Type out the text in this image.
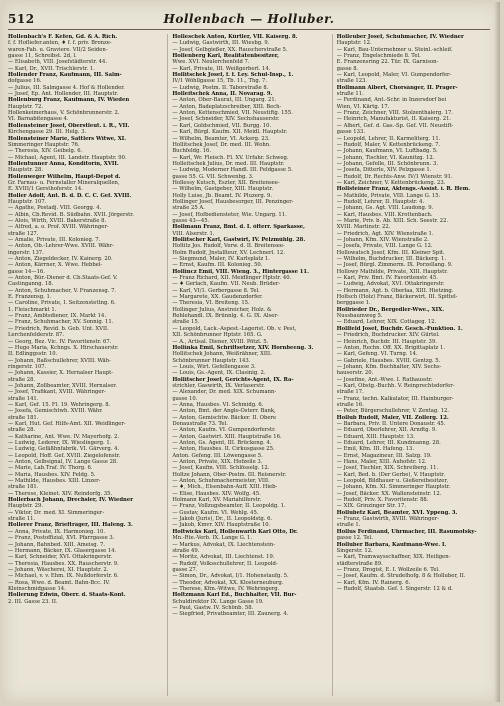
512	Hollenbach — Holluber.
Hollenbach's F. Kefen, Gd. & A. Rich.
f. f. Hofliefer.anten, ♦ f. f. priv. Bronze-
waren-Fab. u. Graviere. VII/2 Seiden-
gasse 11, Schreibst. 2d, l.
— Elisabeth, VIII. Josefstädterstr. 44.
— Karl, Dr., XVII. Trischlerstr. 1.
Hollender Franz, Kaufmann, III. Salm-
dofgasse 16.
— Julius, III. Salmgasse 4. Hof & Hollender.
— Josef, Ep. Ant. Hollender, III. Hauptstr.
Hollenburg Franz, Kaufmann, IV. Wieden
Hauptstr. 72.
Hollenkeimerhaus, V. Schönbrunnerstr. 2.
VI. Barnabitengasse 4.
Hollensteiner Josef, Oberstleut. i. R., VII.
Kirchengasse 29. III. Helg. 3.
Hollensteiner Marie, Sattlers Witwe, XI.
Simmeringer Hauptstr. 76.
— Theresia, XIV. Geibelg. 6.
— Michael, Agent, III. Landstr. Hauptstr. 90.
Hollentunner Anna, Konditorin, XVII.
Hauptstr. 28.
Hollenweger Wilhelm, Haupt-Depot d.
Gr. Farnau- u. Fernstaller Mineralquellen,
E. XVIII/1 Gersthoferstr. 14.
Holler Adolf, Ant. B. d. D. C. C. Gef. XVIII.
Hauptstr. 107.
— Agathe, Postadj. VIII. Georgg. 4.
— Albin, Cb.Revid. B. Südbahn. XVII. Jörgerstr.
— Alois, Wirth, XVIII. Bakerstraße 8.
— Alfred, a. o. Prof. XVIII. Währinger-
straße 127.
— Amalie, Private, III. Kolonieg. 7.
— Anton, Ob.-Lehrer-Wwe. XVIII. Währ-
ingerstr. 137.
— Anton, Ziegeldecker, IV. Kainerg. 20.
— Anton, Kärrner, X. Wwe. Hebbel-
gasse 14—16.
— Anton, Bür.-Diener d. Cb.Staats-Gef. V.
Castinganng. 18.
— Anton, Schuhmacher, V. Franzensg. 7.
E. Franzensg. 1.
— Caroline, Private, I. Seitzenstettng. 6.
1. Fleischmarkt 1.
— Franz, Ambtsdiener, IX. Markt 14.
— Franz, Schuhmacher, XV. Sonnig. 11.
— Friedrich, Revid. b. Geb. Unt. XVII.
Lerchenfelderstr. 87.
— Georg, Bez. Vic. IV. Favoritenstr. 67.
— Hugo Maria, Kchngs. X. Hirschauerstr.
II. Edlinggsstr. 10.
— Johann, Baßschullehrer, XVIII. Wäh-
ringerstr. 107.
— Johann, Kassier, X. Hernalser Haupt-
straße 28.
— Johann, Zollbeamter, XVIII. Hernalser.
— Josef, Trafikant, XVIII. Währinger-
straße 141.
— Karl, Gef. 15. Fl. 19. Wehringerg. 8.
— Josefa, Gemischtwh. XVIII. Währ.
straße 181.
— Karl, Hut. Gef. Hilfs-Amt. XII. Weidlinger-
straße 28.
— Katharine, Ant. Wwe. IV. Mayerhofg. 2.
— Ludwig, Lederer, IX. Wieslingerg. 1.
— Ludwig, Gefäßhnfabrik. VI. Gärverg. 4.
— Leopold, Hoff. Gef. XVIII. Ziegelofenstr.
— Anton, Gelbsignal, IV. Lange Gasse 28.
— Marie, Lab.Traf. IV. Thorg. 6.
— Maria, Hausbes. XIV. Feldg. 5.
— Mathilde, Hausbes. XIII. Linzer-
straße 181.
— Therese, Kleinet. XIV. Reindorfg. 35.
Hollerbach Johann, Drechsler, IV. Wiedner
Hauptstr. 29.
— Viktor, Dr. med. XI. Simmeringer-
straße 11.
Hollerer Franz, Briefträger, III. Hafeng. 3.
— Anna, Private, IX. Harmonieg. 10.
— Franz, Postoffizial, XVI. Pfarrgasse 3.
— Johann, Bahnbed. XIII. Ameisg. 7.
— Hermann, Bäcker, IX. Glasergasse 14.
— Karl, Schneider, XVI. Ottakringerstr.
— Theresia, Hausbes. XX. Rauscherstr. 9.
— Johann, Wäscherei, XI. Hauptstr. 2.
— Michael, v. v. Ehm. IX. Nußdorferstr. 6.
— Rosa, Wwe. d. Beamt. Bahn-Bcc. IV.
Kleinschmidgasse 14.
Hollerung Edwin, Oberr. d. Staats-Kont.
2. III. Gasse 23. II.
Holleschek Anton, Kürtler, VII. Kaiserg. 8.
— Ludwig, Gastwirth, III. Wiesbg. 9.
— Josef, Gelbgießer, XX. Rauscherstraße 5.
Hollenberg Karl, Realitätenbesitzer,
Wwe. XVI. Neulerchenfeld 7.
— Karl, Private, III. Weißgerberl. 14.
Hollitschek Josef, f. f. Ley. Schul-Insp., 1.
IV/1 Wöhllgasse 15, Tb. 11., Thg. 7.
— Ludwig, Postm. II. Taborstraße 8.
Holleitschek Anna, II. Novarag. 9.
— Anton, Ober-Baurat, III. Ungarg. 21.
— Anton, Badeplatzschreiber, XIII. Bech-
— Anton, Kettenschmied, VII. Neustiftg. 155.
— Josef, Schneider, XIV. Sechshauserstr.
— Karl, Goldschmied, VII. Burgg. 10.
— Karl, Bürgl. Kaufm. XII. Meidl. Hauptstr.
— Wilhelm, Beamter, VI. Ackerg. 23.
Hollitschek Josef, Dr. med. III. Wohn.
Buchfeldg. 16.
— Karl, Wr. Fleisch. Fl. XV. Urfahr. Schweg.
Holleitschek Julius, Dr. med. III. Hauptstr.
— Ludwig, Moderner Handl. III. Feldgasse 5.
gasse 55. G. VII. Schwenbg. 3.
Hollessy Kutsch, Eszter, XII. Breitensee-
— Wilhelm, Gastgeber, XIII. Hauptstr.
Holly Luise, Jb. Beamt. IV. Pluzerg. 9.
Hollinger Josef, Hausbesorger, III. Penzinger-
straße 25 A.
— Josef, Hofbediensteter, Wie. Ungarg. 11.
gasse 43—45.
Hollmann Franz, Bmt. d. I. öfterr. Sparkasse,
VIII. Alserstr. 1.
Hollitscher Karl, Gastwirt, IV. Pelzmühlg. 28.
Holtitz Jos. Rudolf, Verw. d. II. Breitensee-
Holm Rudolf, Jnstallteur, XV. Lechnerl. 12.
— Siegmund, Maler, IV. Karlsplatz 1.
— Ernst, Kaufm. III. Kolonieg. 50.
Hollincz Emil, VIII. Wieng. 3., Hintergasse 11.
— Franz Richard, XII. Meidlinger Hptstr. 40.
— ♦ Gerlach, Kaufm. VII. Neub. Brüder-
— Karl, VI/1. Gerbergasse 8. Tel.
— Margarete, XX. Gaudenzdorfer.
— Theresia, VI. Breiteng. 15.
Hollinger Julius, Anstreicher, Holz. &
Rohlehandl. IX. Brünnlg. 4. G. IX. Alser-
straße 15.
— Leopold, Lack.-Aspest.-Lagerist. Ob. v. Pest,
XII. Schönbrunner Hptstr. 165. G.
— A., Artisal. Diener, XVIII. Pötzl. 5.
Hollinka Emil, Schriftsetzer, XIV. Hornbeeng. 3.
Hollitschek Johann, Weißrähner, XIII.
Schönbrunner Hauptstr. 143.
— Louis, Wirt. Gefellengasse 3.
— Louis, Gs.-Agent, IX. Clasinig. 2.
Hollitscher Josef, Gerichts-Agent, IX. Ra-
strichler, Gaswirth, IX. Verlaserstr.
— Alexander, Dr. med. XIX. Schumann-
gasse 10.
— Anna, Hausbes. VI. Schmidg. 6.
— Anton, Bmt. der Anglo-Österr. Bank,
— Anton, Gemischtw. Bäcker. II. Obere
Donaustraße 73. Tel.
— Anton, Kaufm. VI. Gumpendorferstr.
— Anton, Gastwirt. XIII. Hauptstraße 16.
— Anton, Gs. Agent, III. Brückeng. 4.
— Anton, Hausbes. II. Cirkusgasse 25.
Anton. Gefeng. III. Löwengasse 5.
— Anton, Private, XIX. Hofzeile 3.
— Josef, Kaufm. VIII. Schlösselg. 12.
Holtze Johann, Ober-Postm. III. Reisnerstr.
— Anton, Schuhmachermeister, VIII.
— ♦, Mich., Elsenbahn-Auff. XIII. Hieb-
— Elise, Hausbes. XIV. Wolfg. 45.
Holmann Karl, XV. Mariahilferstr.
— Franz, Vollzugsbeamter, II. Leopoldg. 1.
— Gustav, Kaufm. VI. Wehlg. 45.
— Jakob (Juris), Dr., II. Leopoldstg. 6.
— Jakob, Kmvr. XIV. Hauptstraße 10.
Holtwicks Karl, Hollenwarth Karl Otto, Dr.
Mn.-Rte.-Verb. IX. Lange G. 1.
— Markus, Advokat, IX. Liechtenstein-
straße 49.
— Moritz, Advokat, III. Liechtenst. 19.
— Rudolf, Volksschullehrer, II. Leopold-
gasse 27.
— Simon, Dr., Advokat, I/1. Hohenstaufg. 5.
— Theodor, Advokat, XX. Klosterneuburg.
— Therese, Kfm.-Witwe, IV. Wehringerg.
Holtzmann Karl Ed., Buchhalter, VII. Bur-
Schuldirektor IX. Lange Gasse 19.
— Paul, Gastw. IV. Schönb. 58.
— Siegfried, Privatbeamter, III. Zaunerg. 4.
Holleuber Josef, Schuhmacher, IV. Wiedner
Hauptstr. 12.
— Karl, Bau-Unternehmer u. Steinl.-schleif.
— Franz, Engelschmiede 8. Tel.
E. Franzensring 22. Tür. IX. Garnison-
gasse 8.
— Karl, Leopold, Maler, VI. Gumpendorfer-
straße 123.
Hollmann Albert, Chorsänger, II. Prager-
straße 11.
— Ferdinand, Ant.-Schr. in Inzersdorf bei
Wien, VI. Kärtg. 17.
— Franz, Zeichner, VIII. Stolzenthalerg. 17.
— Heinrich, Manufakturist, II. Kaiserg. 21.
— Albert, Gef. d. Gas.-Sp. Gef. VII. Neustift-
gasse 133.
— Leopold, Lehrer, II. Karmeliterg. 11.
— Rudolf, Maler, V. Kettenbrückeng. 7.
— Johann, Kaufmann, VI. Luftbadg. 5.
— Johann, Tischler, VI. Kaunitzg. 12.
— Johann, Gefelle, III. Schönbrunn. 3.
— Josefa, Ditterle, XIV. Pelzgasse 1.
— Rudolf, Dr. Rechts-Anw. IV/1 Wienstr. 91.
— Karl, Zeichner, V. Kettenbrückeng. 23.
Hollsteiner Franz, Aktengs.-Assist. i. R. Hem.
— Mathilde, Private, VIII. Lange G. 15.
— Rudolf, Lehrer, II. Hauptstr. 4.
— Johann, Gs. Agt. VIII. Laudong. 9.
— Karl, Hausbes. VIII. Krottenbach.
— Marie, Priv. b. Ab. XIII. Sch. Seestr. 22.
XVIII. Martinstr. 22.
— Friedrich, Agt. XIV. Wienstraße 1.
— Johann, Kfm. XIV. Wienstraße 2.
— Josefa, Private, VIII. Lange G. 12.
Hollowatsch Josef, Kfm. III. Kleiner Spit.
— Wilhelm, Buchdrucker, III. Bäckerg. 1.
— Josef, Bürgl. Zimmerm. IX. Porzellang. 9.
Hollowy Mathilde, Private, XIII. Hauptstr.
— Karl, Priv. Bmt. IV. Favoritenstr. 45.
— Ludwig, Advokat, XVI. Ottakringerstr.
— Hermann, Agt. b. Oberlaa, XIII. Hietzing.
Holtsch (Holz) Franz, Bäckerwirt, III. Spittel-
berggasse 1.
Hollrieder Dr., Bergedler-Wwe., XIX.
Nussbaumweg 5.
— Eduard, Lehrer, XIX. Cottageg. 12.
Hollfeld Josef, Buchdr. Gesch.-Funktion. 1.
— Friedrich, Buchdrucker. XIV. Gürtel.
— Heinrich, Buchdr. III. Hauptstr. 39.
— Anton, Rechn. Off. XX. Brigittaplatz 1.
— Karl, Gefeng. VI. Turng. 14.
— Gabriele, Hausbes. XVIII. Gentzg. 5.
— Johann, Kfm. Buchhalter, XIV. Sechs-
hauserstr. 20.
— Josefine, Ant.-Wwe. I. Rathausstr.
— Karl, Obstg.-Buchh. V. Reinprechtsdorfer-
straße 17.
— Franz, techn. Kalkulator, III. Hainburger-
straße 16.
— Peter, Bürgerschullehrer, V. Zentag. 12.
Hollub Rudolf, Maler, VII. Zollerg. 12.
— Barbara, Priv. II. Untere Donaustr. 45.
— Eduard, Oberlehrer, XII. Arndtg. 9.
— Eduard, XIII. Hauptstr. 13.
— Eduard, Lehrer, III. Kundmanng. 28.
— Emil, Kfm. III. Hafeng. 13.
— Ernst, Magazineur, III. Salzg. 19.
— Hans, Maler, XIII. Auhofstr. 12.
— Josef, Tischler, XIX. Schreiberg. 11.
— Karl, Bed. b. (Der Gerbe), V. Hauptstr.
— Leopold, Bildhauer u. Gießereibesitzer,
— Johann, Kfm. XI. Simmeringer Hauptstr.
— Josef, Bäcker. XX. Wallensteinstr. 12.
— Rudolf, Priv. X. Favoritenstr. 88.
— XIX. Grinzinger Str. 17.
Hollubetz Karl, Beamter, XVI. Yppeng. 3.
— Franz, Gastwirth, XVIII. Währinger-
straße 1.
Hollus Ferdinand, Uhrmacher, III. Rasumofsky-
gasse 12. Tel.
Holluber Barbara, Kaufmann-Wwe. I.
Singerstr. 12.
— Karl, Tramwaysschaffner, XIX. Heiligen-
städterstraße 89.
— Franz, Drogist, E. I. Wollzeile 6. Tel.
— Josef, Kaufm. d. Strudelhofg. 8 & Holluber, II.
— Karl, Kfm. IV. Rainerg. 6.
— Rudolf, Staatsb. Gef. I. Singerstr. 12 & d.
